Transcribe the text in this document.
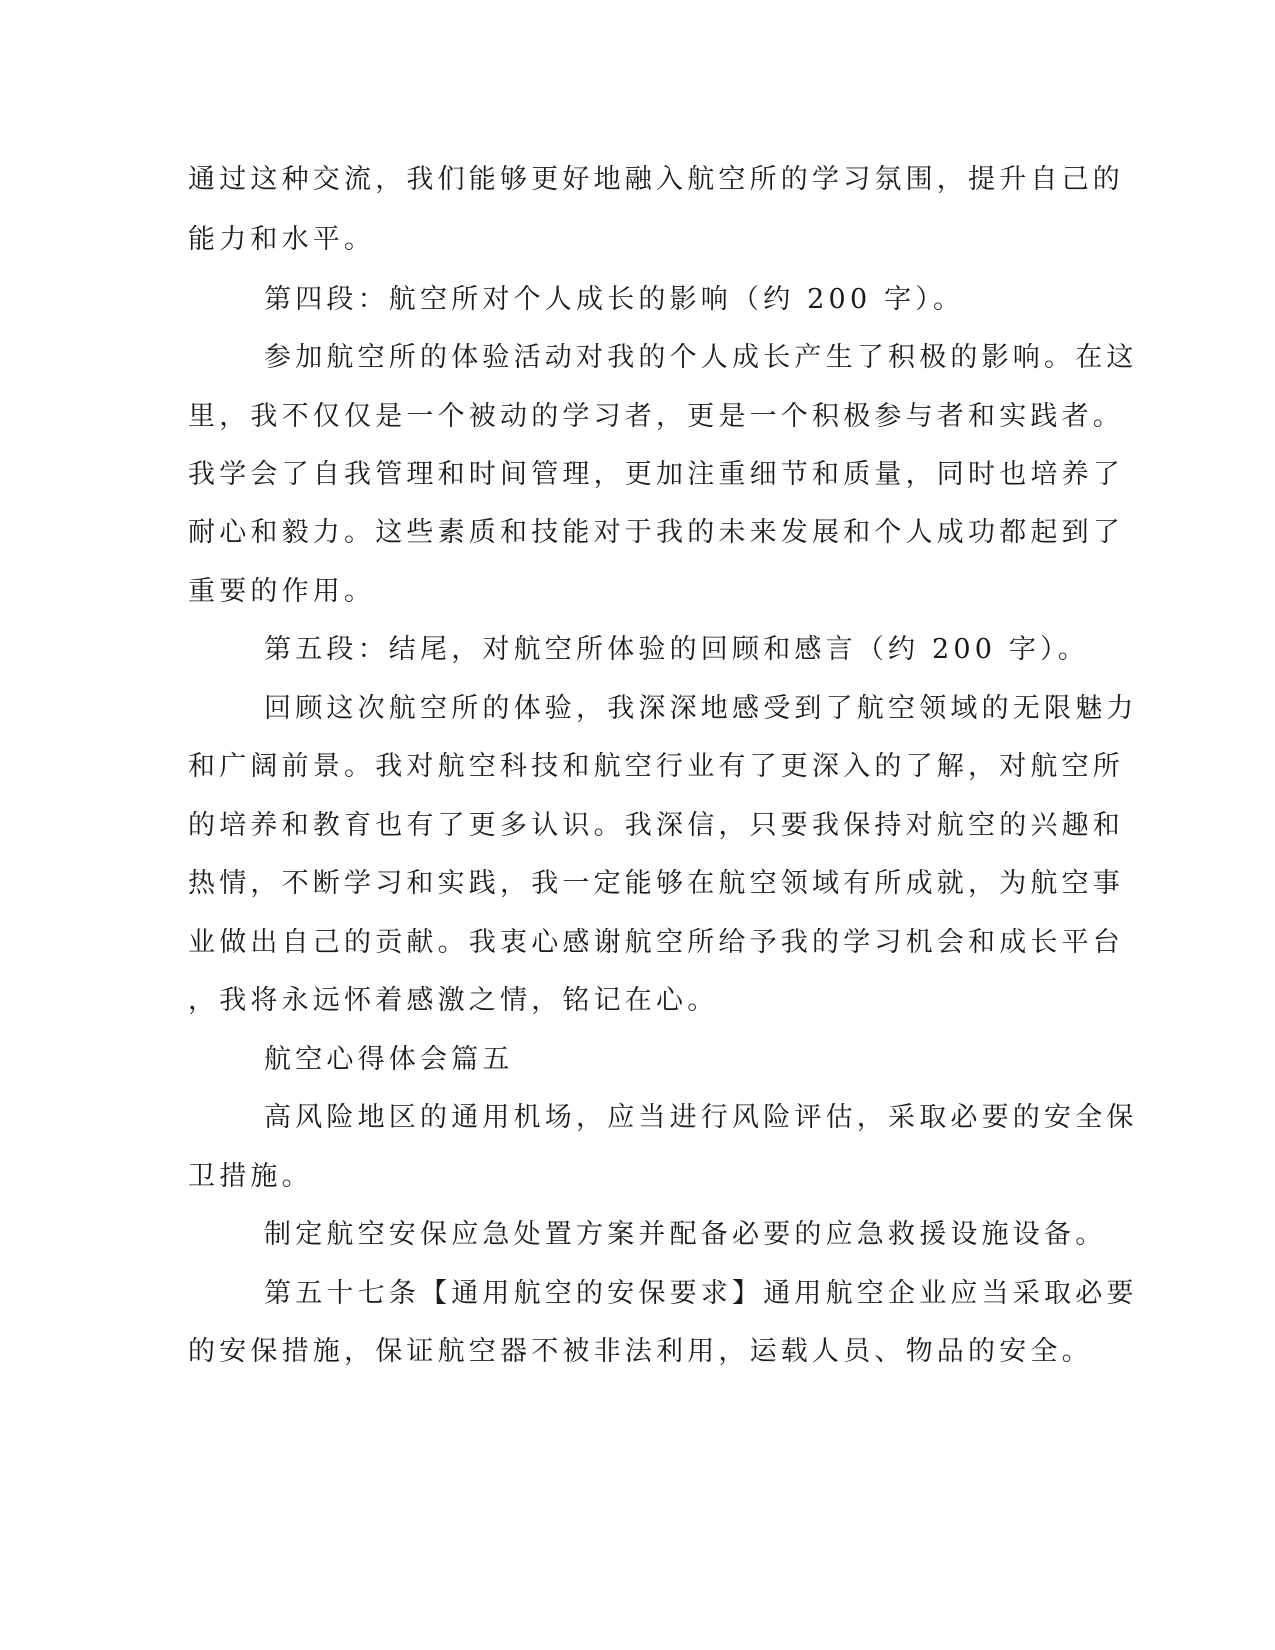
通过这种交流，我们能够更好地融入航空所的学习氛围，提升自己的
能力和水平。
第四段：航空所对个人成长的影响（约 200 字）。
参加航空所的体验活动对我的个人成长产生了积极的影响。在这
里，我不仅仅是一个被动的学习者，更是一个积极参与者和实践者。
我学会了自我管理和时间管理，更加注重细节和质量，同时也培养了
耐心和毅力。这些素质和技能对于我的未来发展和个人成功都起到了
重要的作用。
第五段：结尾，对航空所体验的回顾和感言（约 200 字）。
回顾这次航空所的体验，我深深地感受到了航空领域的无限魅力
和广阔前景。我对航空科技和航空行业有了更深入的了解，对航空所
的培养和教育也有了更多认识。我深信，只要我保持对航空的兴趣和
热情，不断学习和实践，我一定能够在航空领域有所成就，为航空事
业做出自己的贡献。我衷心感谢航空所给予我的学习机会和成长平台
，我将永远怀着感激之情，铭记在心。
航空心得体会篇五
高风险地区的通用机场，应当进行风险评估，采取必要的安全保
卫措施。
制定航空安保应急处置方案并配备必要的应急救援设施设备。
第五十七条【通用航空的安保要求】通用航空企业应当采取必要
的安保措施，保证航空器不被非法利用，运载人员、物品的安全。
